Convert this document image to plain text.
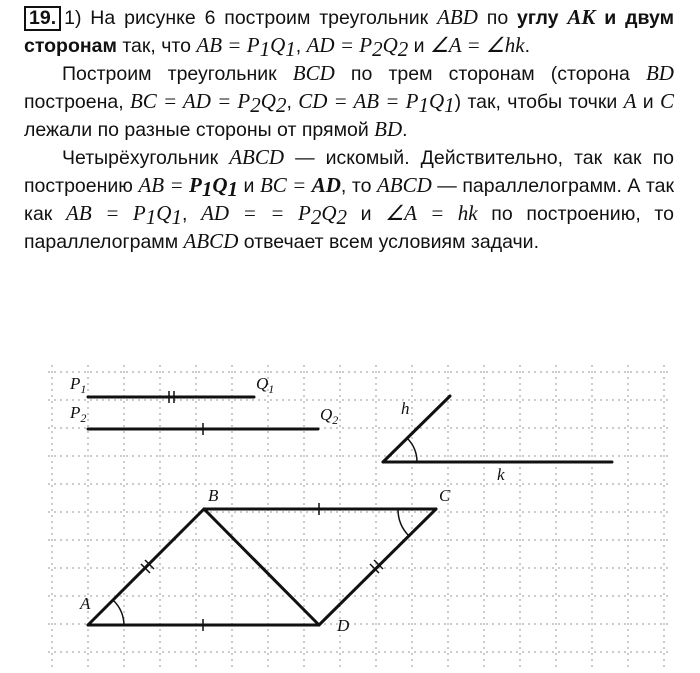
19. 1) На рисунке 6 построим треугольник ABD по углу AK и двум сторонам так, что AB = $P_1Q_1$, AD = $P_2Q_2$ и ∠A = ∠hk.

Построим треугольник BCD по трем сторонам (сторона BD построена, BC = AD = $P_2Q_2$, CD = AB = $P_1Q_1$) так, чтобы точки A и C лежали по разные стороны от прямой BD.

Четырёхугольник ABCD — искомый. Действительно, так как по построению AB = $P_1Q_1$ и BC = AD, то ABCD — параллелограмм. А так как AB = $P_1Q_1$, AD = = $P_2Q_2$ и ∠A = hk по построению, то параллелограмм ABCD отвечает всем условиям задачи.

$P_1$	$Q_1$
$P_2$	$Q_2$
h
k
A
B	C
D
